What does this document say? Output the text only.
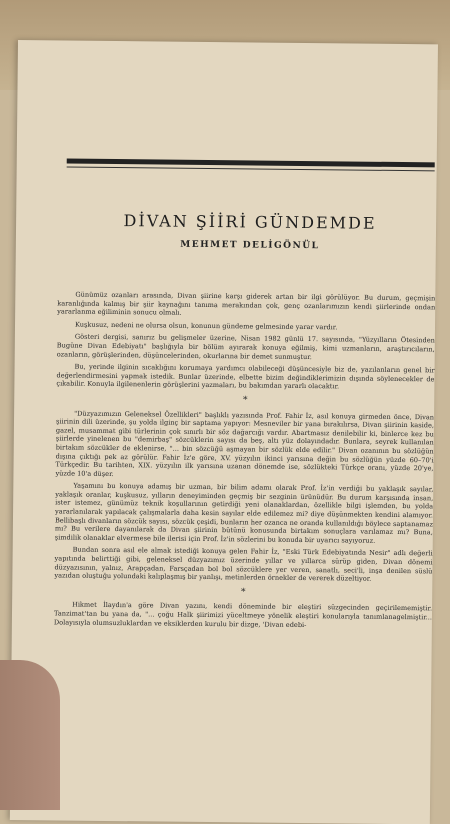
DİVAN ŞİİRİ GÜNDEMDE
MEHMET DELİGÖNÜL

Günümüz ozanları arasında, Divan şiirine karşı giderek artan bir ilgi görülüyor. Bu durum, geçmişin karanlığında kalmış bir şiir kaynağını tanıma merakından çok, genç ozanlarımızın kendi şiirlerinde ondan yararlanma eğiliminin sonucu olmalı.

Kuşkusuz, nedeni ne olursa olsun, konunun gündeme gelmesinde yarar vardır.

Gösteri dergisi, sanırız bu gelişmeler üzerine, Nisan 1982 günlü 17. sayısında, "Yüzyılların Ötesinden Bugüne Divan Edebiyatı" başlığıyla bir bölüm ayırarak konuya eğilmiş, kimi uzmanların, araştırıcıların, ozanların, görüşlerinden, düşüncelerinden, okurlarına bir demet sunmuştur.

Bu, yerinde ilginin sıcaklığını korumaya yardımcı olabileceği düşüncesiyle biz de, yazılanların genel bir değerlendirmesini yapmak istedik. Bunlar üzerinde, elbette bizim değindiklerimizin dışında söylenecekler de çıkabilir. Konuyla ilgilenenlerin görüşlerini yazmaları, bu bakımdan yararlı olacaktır.

*

"Düzyazımızın Geleneksel Özellikleri" başlıklı yazısında Prof. Fahir İz, asıl konuya girmeden önce, Divan şiirinin dili üzerinde, şu yolda ilginç bir saptama yapıyor: Mesneviler bir yana bırakılırsa, Divan şiirinin kaside, gazel, musammat gibi türlerinin çok sınırlı bir söz dağarcığı vardır. Abartmasız denilebilir ki, binlerce kez bu şiirlerde yinelenen bu "demirbaş" sözcüklerin sayısı da beş, altı yüz dolayındadır. Bunlara, seyrek kullanılan birtakım sözcükler de eklenirse, "... bin sözcüğü aşmayan bir sözlük elde edilir." Divan ozanının bu sözlüğün dışına çıktığı pek az görülür. Fahir İz'e göre, XV. yüzyılın ikinci yarısına değin bu sözlüğün yüzde 60–70'i Türkçedir. Bu tarihten, XIX. yüzyılın ilk yarısına uzanan dönemde ise, sözlükteki Türkçe oranı, yüzde 20'ye, yüzde 10'a düşer.

Yaşamını bu konuya adamış bir uzman, bir bilim adamı olarak Prof. İz'in verdiği bu yaklaşık sayılar, yaklaşık oranlar, kuşkusuz, yılların deneyiminden geçmiş bir sezginin ürünüdür. Bu durum karşısında insan, ister istemez, günümüz teknik koşullarının getirdiği yeni olanaklardan, özellikle bilgi işlemden, bu yolda yararlanılarak yapılacak çalışmalarla daha kesin sayılar elde edilemez mi? diye düşünmekten kendini alamıyor. Bellibaşlı divanların sözcük sayısı, sözcük çeşidi, bunların her ozanca ne oranda kullanıldığı böylece saptanamaz mı? Bu verilere dayanılarak da Divan şiirinin bütünü konusunda birtakım sonuçlara varılamaz mı? Buna, şimdilik olanaklar elvermese bile ilerisi için Prof. İz'in sözlerini bu konuda bir uyarıcı sayıyoruz.

Bundan sonra asıl ele almak istediği konuya gelen Fahir İz, "Eski Türk Edebiyatında Nesir" adlı değerli yapıtında belirttiği gibi, geleneksel düzyazımız üzerinde yıllar ve yıllarca sürüp giden, Divan dönemi düzyazısının, yalnız, Arapçadan, Farsçadan bol bol sözcüklere yer veren, sanatlı, seci'li, inşa denilen süslü yazıdan oluştuğu yolundaki kalıplaşmış bir yanlışı, metinlerden örnekler de vererek düzeltiyor.

*

Hikmet İlaydın'a göre Divan yazını, kendi döneminde bir eleştiri süzgecinden geçirilememiştir. Tanzimat'tan bu yana da, "... çoğu Halk şiirimizi yüceltmeye yönelik eleştiri konularıyla tanımlanagelmiştir... Dolayısıyla olumsuzluklardan ve eksiklerden kurulu bir dizge, 'Divan edebi-
